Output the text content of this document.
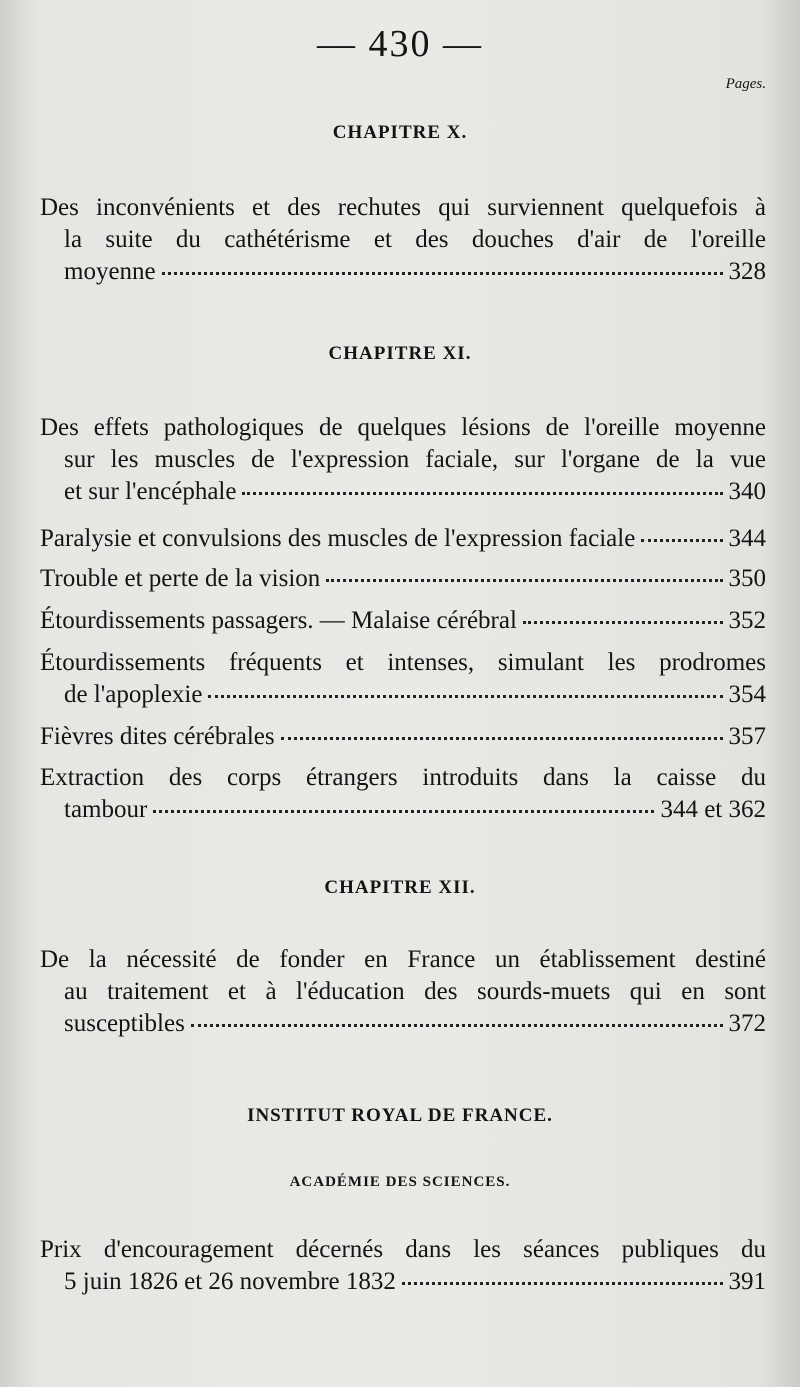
— 430 —
Pages.
CHAPITRE X.
Des inconvénients et des rechutes qui surviennent quelquefois à
la suite du cathétérisme et des douches d'air de l'oreille
moyenne	328
CHAPITRE XI.
Des effets pathologiques de quelques lésions de l'oreille moyenne
sur les muscles de l'expression faciale, sur l'organe de la vue
et sur l'encéphale	340
Paralysie et convulsions des muscles de l'expression faciale	344
Trouble et perte de la vision	350
Étourdissements passagers. — Malaise cérébral	352
Étourdissements fréquents et intenses, simulant les prodromes
de l'apoplexie	354
Fièvres dites cérébrales	357
Extraction des corps étrangers introduits dans la caisse du
tambour	344 et 362
CHAPITRE XII.
De la nécessité de fonder en France un établissement destiné
au traitement et à l'éducation des sourds-muets qui en sont
susceptibles	372
INSTITUT ROYAL DE FRANCE.
ACADÉMIE DES SCIENCES.
Prix d'encouragement décernés dans les séances publiques du
5 juin 1826 et 26 novembre 1832	391
